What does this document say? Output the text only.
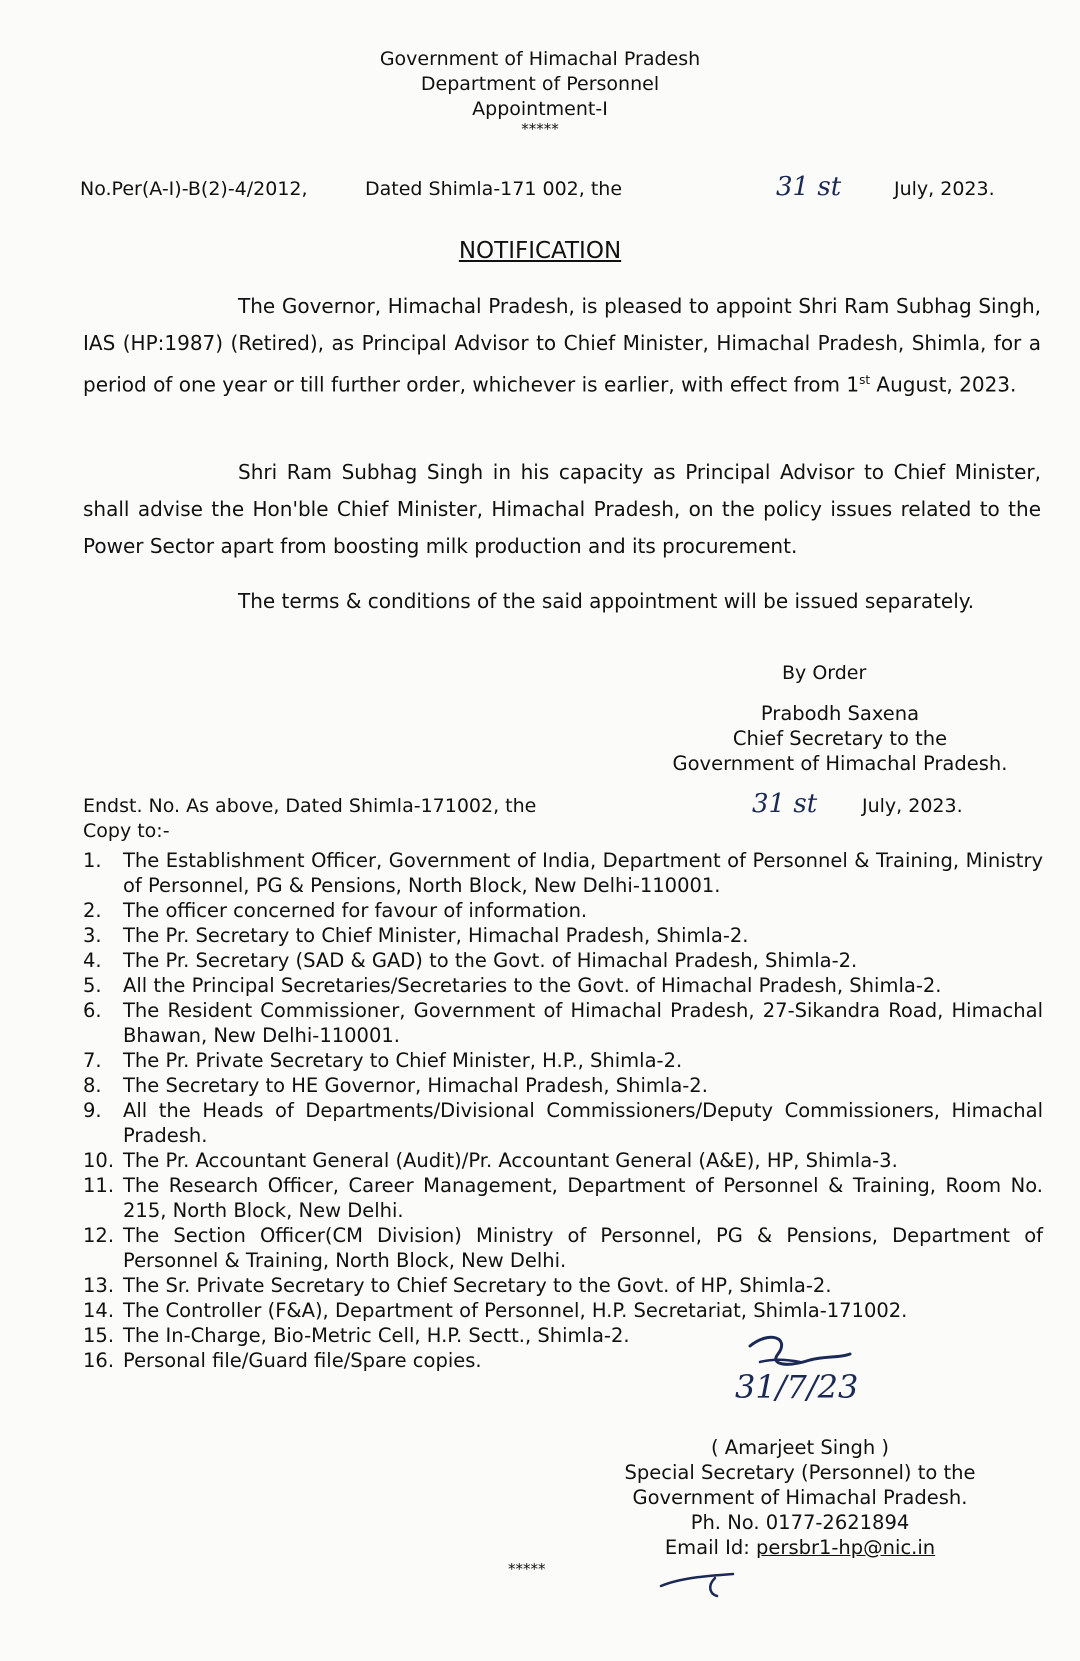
Government of Himachal Pradesh
Department of Personnel
Appointment-I
*****
No.Per(A-I)-B(2)-4/2012,	Dated Shimla-171 002, the	31 st	July, 2023.
NOTIFICATION
The Governor, Himachal Pradesh, is pleased to appoint Shri Ram Subhag Singh, IAS (HP:1987) (Retired), as Principal Advisor to Chief Minister, Himachal Pradesh, Shimla, for a period of one year or till further order, whichever is earlier, with effect from 1st August, 2023.
Shri Ram Subhag Singh in his capacity as Principal Advisor to Chief Minister, shall advise the Hon'ble Chief Minister, Himachal Pradesh, on the policy issues related to the Power Sector apart from boosting milk production and its procurement.
The terms & conditions of the said appointment will be issued separately.
By Order
Prabodh Saxena
Chief Secretary to the
Government of Himachal Pradesh.
Endst. No. As above, Dated Shimla-171002, the	31 st July, 2023.
Copy to:-
1.	The Establishment Officer, Government of India, Department of Personnel & Training, Ministry of Personnel, PG & Pensions, North Block, New Delhi-110001.
2.	The officer concerned for favour of information.
3.	The Pr. Secretary to Chief Minister, Himachal Pradesh, Shimla-2.
4.	The Pr. Secretary (SAD & GAD) to the Govt. of Himachal Pradesh, Shimla-2.
5.	All the Principal Secretaries/Secretaries to the Govt. of Himachal Pradesh, Shimla-2.
6.	The Resident Commissioner, Government of Himachal Pradesh, 27-Sikandra Road, Himachal Bhawan, New Delhi-110001.
7.	The Pr. Private Secretary to Chief Minister, H.P., Shimla-2.
8.	The Secretary to HE Governor, Himachal Pradesh, Shimla-2.
9.	All the Heads of Departments/Divisional Commissioners/Deputy Commissioners, Himachal Pradesh.
10. The Pr. Accountant General (Audit)/Pr. Accountant General (A&E), HP, Shimla-3.
11. The Research Officer, Career Management, Department of Personnel & Training, Room No. 215, North Block, New Delhi.
12. The Section Officer(CM Division) Ministry of Personnel, PG & Pensions, Department of Personnel & Training, North Block, New Delhi.
13. The Sr. Private Secretary to Chief Secretary to the Govt. of HP, Shimla-2.
14. The Controller (F&A), Department of Personnel, H.P. Secretariat, Shimla-171002.
15. The In-Charge, Bio-Metric Cell, H.P. Sectt., Shimla-2.
16. Personal file/Guard file/Spare copies.
31/7/23
( Amarjeet Singh )
Special Secretary (Personnel) to the
Government of Himachal Pradesh.
Ph. No. 0177-2621894
Email Id: persbr1-hp@nic.in
*****
